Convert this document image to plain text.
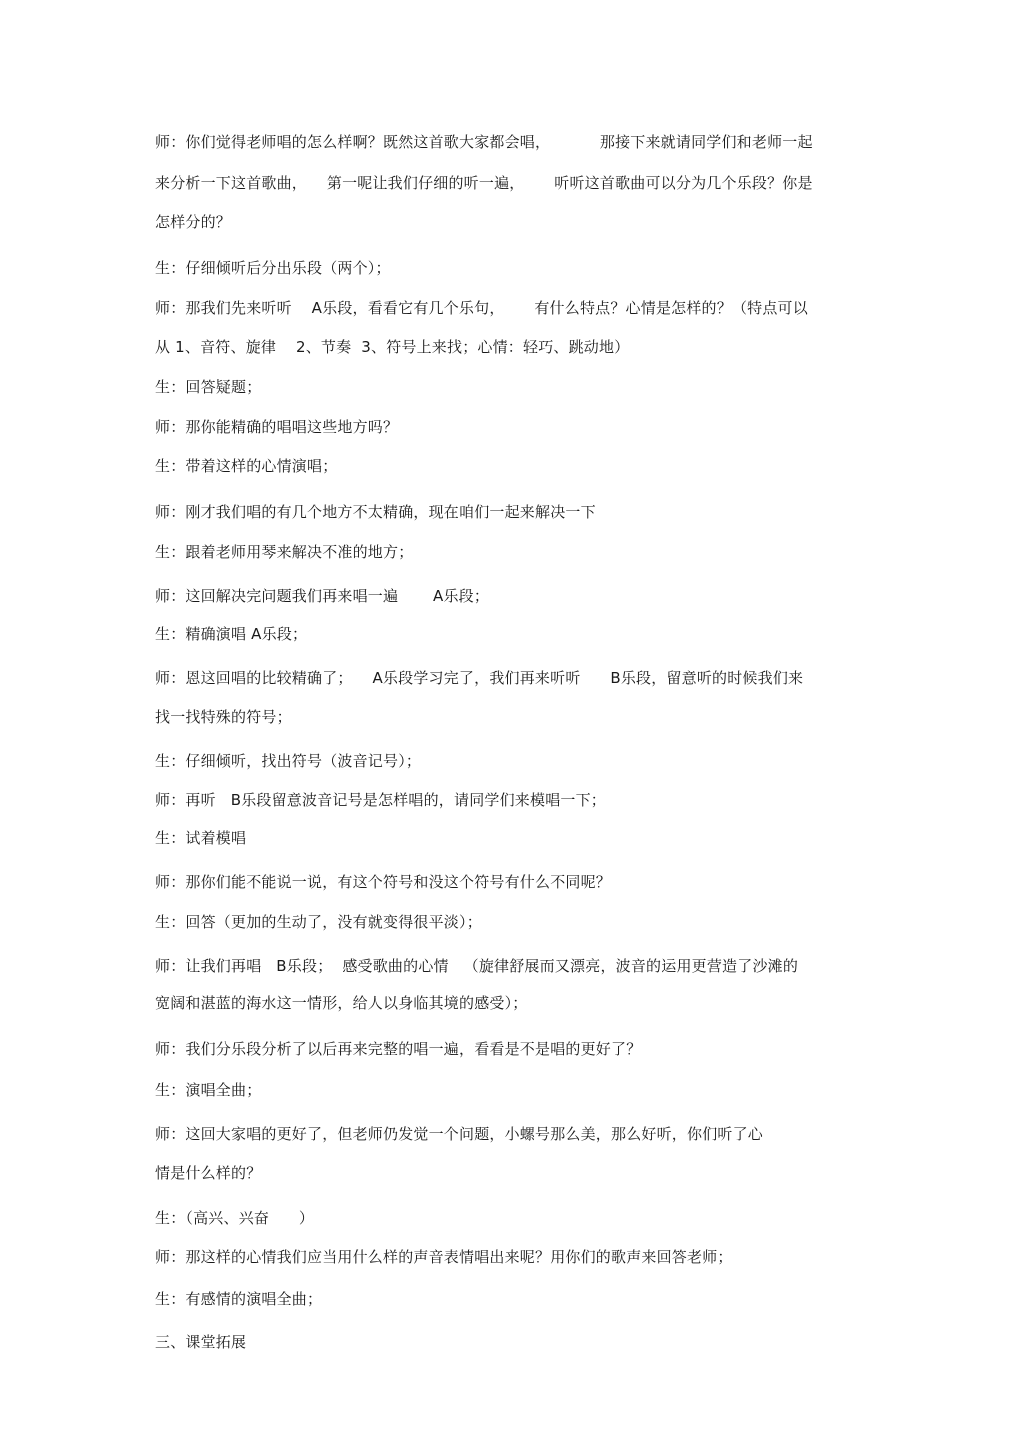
师：你们觉得老师唱的怎么样啊？既然这首歌大家都会唱，          那接下来就请同学们和老师一起
来分析一下这首歌曲，    第一呢让我们仔细的听一遍，      听听这首歌曲可以分为几个乐段？你是
怎样分的？
生：仔细倾听后分出乐段（两个）；
师：那我们先来听听    A乐段，看看它有几个乐句，      有什么特点？心情是怎样的？（特点可以
从 1、音符、旋律    2、节奏  3、符号上来找；心情：轻巧、跳动地）
生：回答疑题；
师：那你能精确的唱唱这些地方吗？
生：带着这样的心情演唱；
师：刚才我们唱的有几个地方不太精确，现在咱们一起来解决一下
生：跟着老师用琴来解决不准的地方；
师：这回解决完问题我们再来唱一遍       A乐段；
生：精确演唱 A乐段；
师：恩这回唱的比较精确了；    A乐段学习完了，我们再来听听      B乐段，留意听的时候我们来
找一找特殊的符号；
生：仔细倾听，找出符号（波音记号）；
师：再听   B乐段留意波音记号是怎样唱的，请同学们来模唱一下；
生：试着模唱
师：那你们能不能说一说，有这个符号和没这个符号有什么不同呢？
生：回答（更加的生动了，没有就变得很平淡）；
师：让我们再唱   B乐段；  感受歌曲的心情   （旋律舒展而又漂亮，波音的运用更营造了沙滩的
宽阔和湛蓝的海水这一情形，给人以身临其境的感受）；
师：我们分乐段分析了以后再来完整的唱一遍，看看是不是唱的更好了？
生：演唱全曲；
师：这回大家唱的更好了，但老师仍发觉一个问题，小螺号那么美，那么好听，你们听了心
情是什么样的？
生：（高兴、兴奋      ）
师：那这样的心情我们应当用什么样的声音表情唱出来呢？用你们的歌声来回答老师；
生：有感情的演唱全曲；
三、课堂拓展
